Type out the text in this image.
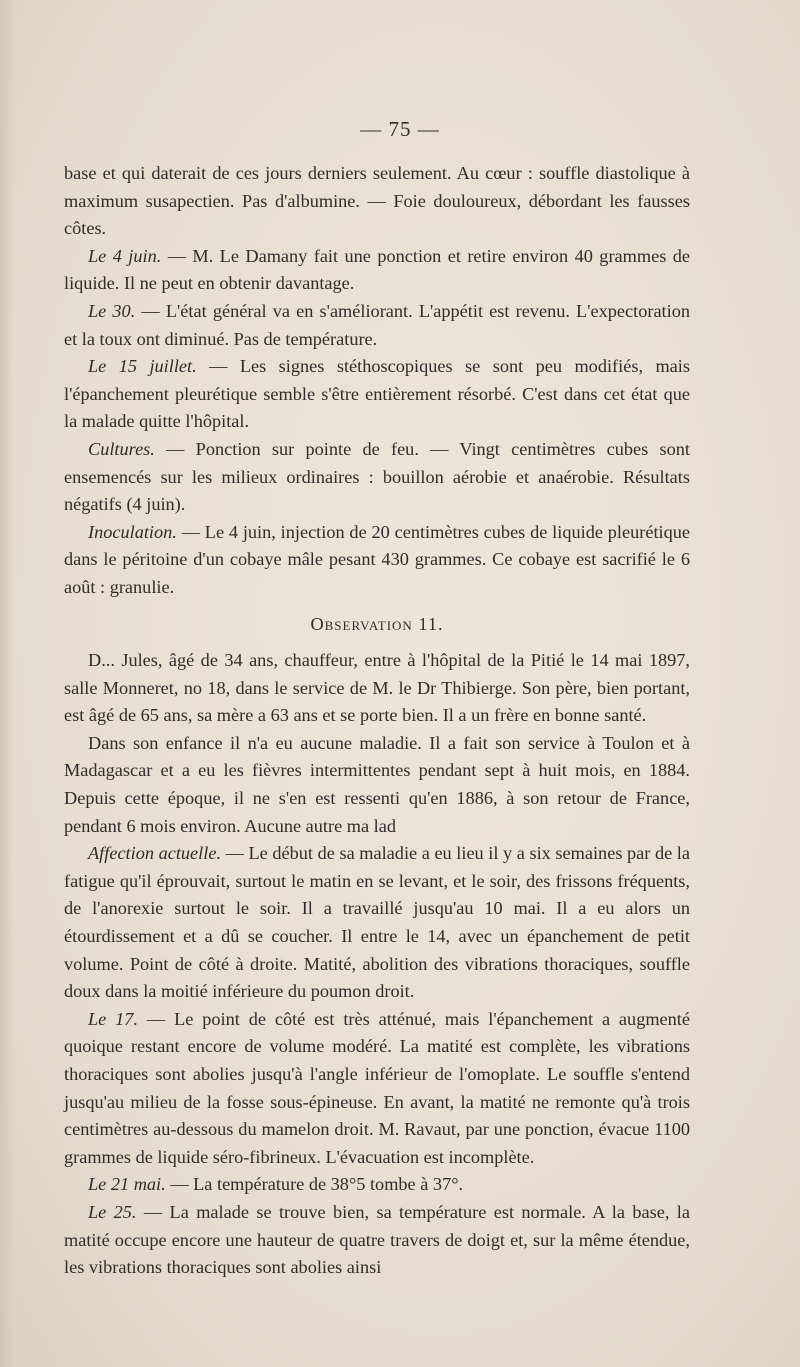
— 75 —

base et qui daterait de ces jours derniers seulement. Au cœur : souffle diastolique à maximum susapectien. Pas d'albumine. — Foie douloureux, débordant les fausses côtes.

Le 4 juin. — M. Le Damany fait une ponction et retire environ 40 grammes de liquide. Il ne peut en obtenir davantage.

Le 30. — L'état général va en s'améliorant. L'appétit est revenu. L'expectoration et la toux ont diminué. Pas de température.

Le 15 juillet. — Les signes stéthoscopiques se sont peu modifiés, mais l'épanchement pleurétique semble s'être entièrement résorbé. C'est dans cet état que la malade quitte l'hôpital.

Cultures. — Ponction sur pointe de feu. — Vingt centimètres cubes sont ensemencés sur les milieux ordinaires : bouillon aérobie et anaérobie. Résultats négatifs (4 juin).

Inoculation. — Le 4 juin, injection de 20 centimètres cubes de liquide pleurétique dans le péritoine d'un cobaye mâle pesant 430 grammes. Ce cobaye est sacrifié le 6 août : granulie.

Observation 11.

D... Jules, âgé de 34 ans, chauffeur, entre à l'hôpital de la Pitié le 14 mai 1897, salle Monneret, no 18, dans le service de M. le Dr Thibierge. Son père, bien portant, est âgé de 65 ans, sa mère a 63 ans et se porte bien. Il a un frère en bonne santé.

Dans son enfance il n'a eu aucune maladie. Il a fait son service à Toulon et à Madagascar et a eu les fièvres intermittentes pendant sept à huit mois, en 1884. Depuis cette époque, il ne s'en est ressenti qu'en 1886, à son retour de France, pendant 6 mois environ. Aucune autre ma lad

Affection actuelle. — Le début de sa maladie a eu lieu il y a six semaines par de la fatigue qu'il éprouvait, surtout le matin en se levant, et le soir, des frissons fréquents, de l'anorexie surtout le soir. Il a travaillé jusqu'au 10 mai. Il a eu alors un étourdissement et a dû se coucher. Il entre le 14, avec un épanchement de petit volume. Point de côté à droite. Matité, abolition des vibrations thoraciques, souffle doux dans la moitié inférieure du poumon droit.

Le 17. — Le point de côté est très atténué, mais l'épanchement a augmenté quoique restant encore de volume modéré. La matité est complète, les vibrations thoraciques sont abolies jusqu'à l'angle inférieur de l'omoplate. Le souffle s'entend jusqu'au milieu de la fosse sous-épineuse. En avant, la matité ne remonte qu'à trois centimètres au-dessous du mamelon droit. M. Ravaut, par une ponction, évacue 1100 grammes de liquide séro-fibrineux. L'évacuation est incomplète.

Le 21 mai. — La température de 38°5 tombe à 37°.

Le 25. — La malade se trouve bien, sa température est normale. A la base, la matité occupe encore une hauteur de quatre travers de doigt et, sur la même étendue, les vibrations thoraciques sont abolies ainsi
